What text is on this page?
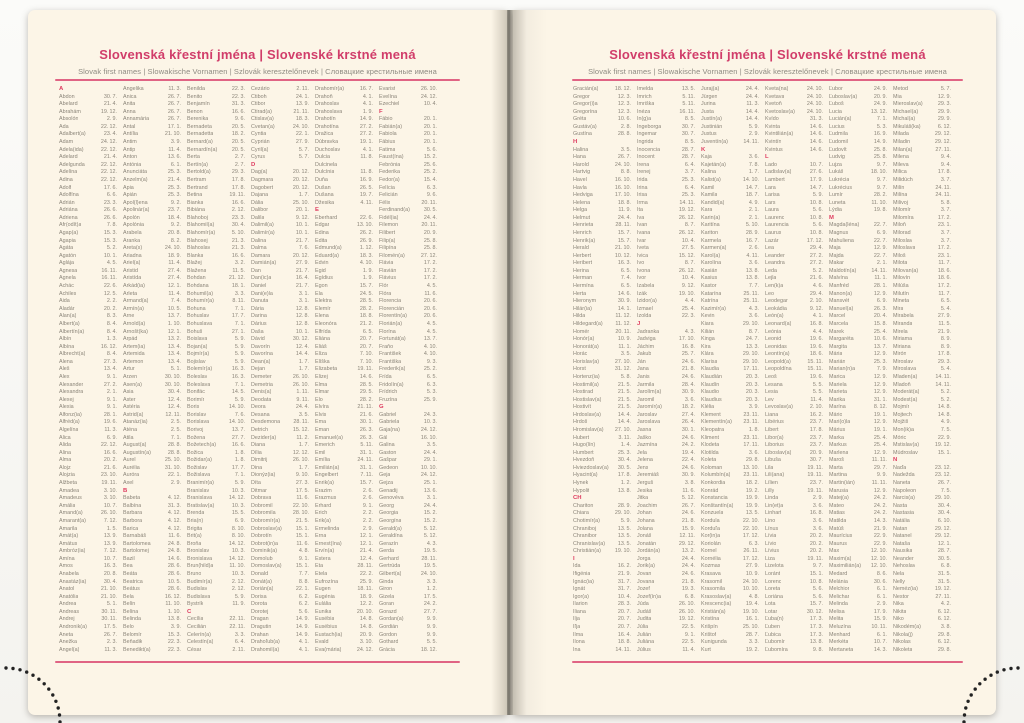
Slovenská křestní jména | Slovenské krstné mená
Slovak first names | Slowakische Vornamen | Szlovák keresztelőnevek | Словацкие крестильные имена
A
Abdon	30. 7.
Abelard	21. 4.
Abrahám	19. 12.
Absolón	2. 9.
Ada	22. 12.
Adalbert(a)	23. 4.
Adam	24. 12.
Adela(ida)	22. 12.
Adelard	21. 4.
Adelgunda	22. 12.
Adelína	22. 12.
Adina	22. 12.
Adolf	17. 6.
Adolfína	6. 6.
Adrián	23. 3.
Adriána	26. 6.
Adriena	26. 6.
Afr(odít)a	7. 8.
Agap(a)	15. 3.
Agapia	15. 3.
Agáta	5. 2.
Agatón	10. 1.
Aglája	4. 5.
Agnesa	16. 11.
Agnela	16. 11.
Achác	22. 6.
Achiles	12. 5.
Aida	2. 2.
Aladár	20. 2.
Alan(a)	8. 3.
Albert(a)	8. 4.
Albertín(a)	8. 4.
Albín	1. 3.
Albína	16. 12.
Albrecht(a)	8. 4.
Alena	27. 3.
Aleš	13. 4.
Alex	9. 1.
Alexander	27. 2.
Alexandra	2. 1.
Alexej	9. 1.
Alexia	9. 1.
Alfonz(ia)	28. 1.
Alfréd(a)	19. 6.
Algelína	11. 3.
Alica	6. 9.
Alida	22. 12.
Alina	16. 6.
Alma	20. 2.
Alojz	21. 6.
Alojzia	23. 10.
Alžbeta	19. 11.
Amadea	3. 10.
Amadeus	3. 10.
Amália	10. 7.
Amand(a)	26. 10.
Amarant(a)	7. 12.
Amarila	1. 5.
Amát(a)	13. 9.
Amátus	13. 9.
Ambróz(ia)	7. 12.
Amína	10. 7.
Amos	16. 3.
Anabela	20. 8.
Anastáz(ia)	30. 4.
Anatol	21. 10.
Anatólia	21. 10.
Andrea	5. 1.
Andreas	30. 11.
Andrej	30. 11.
Andronik(a)	17. 5.
Aneta	26. 7.
Anežka	2. 3.
Angel(a)	11. 3.
Angelika	11. 3.
Anica	26. 7.
Anita	26. 7.
Anna	26. 7.
Annamária	26. 7.
Antal	17. 1.
Antília	21. 10.
Antim	3. 9.
Antip	11. 4.
Anton	13. 6.
Antónia	6. 1.
Anunciáta	25. 3.
Anzelm(a)	21. 4.
Apia	25. 3.
Apián	25. 3.
Apol(l)ena	9. 2.
Apolinár(a)	23. 7.
Apolón	18. 4.
Apolónia	9. 2.
Arabela	20. 8.
Aranka	8. 2.
Areta(s)	24. 10.
Ariadna	18. 9.
Ariel(a)	11. 4.
Aristid	27. 4.
Aristída	27. 4.
Arkád(ia)	12. 1.
Arleta	11. 4.
Armand(a)	7. 4.
Armín(a)	10. 5.
Arne	13. 7.
Arnold(a)	1. 10.
Arnošt(ka)	12. 1.
Árpád	13. 2.
Artem(ia)	13. 4.
Artemida	13. 4.
Artemon	13. 4.
Artur	5. 1.
Arzen	30. 10.
Asen(a)	30. 10.
Asia	30. 4.
Aster	12. 4.
Astéria	12. 4.
Astrid(a)	12. 11.
Atanáz(ia)	2. 5.
Aténa	2. 5.
Atila	7. 1.
August(a)	28. 8.
Augustín(a)	28. 8.
Aurel	25. 10.
Aurélia	31. 10.
Auróra	22. 1.
Axel	2. 9.
B
Babeta	4. 12.
Balbína	31. 3.
Barbara	4. 12.
Barbora	4. 12.
Barica	4. 12.
Barnabáš	11. 6.
Bartolomea	24. 8.
Bartolomej	24. 8.
Bazil	14. 6.
Bea	28. 6.
Beáta	28. 6.
Beatrica	10. 5.
Beátus	28. 6.
Bela	16. 12.
Belín	11. 10.
Belína	1. 10.
Belinda	13. 8.
Belo	3. 9.
Belomír	15. 3.
Beňadik	22. 3.
Benedikt(a)	22. 3.
Benilda	22. 3.
Benito	22. 3.
Benjamín	31. 3.
Benon	16. 6.
Berenika	9. 6.
Bernadeta	20. 5.
Bernadetta	18. 2.
Bernard(a)	20. 5.
Bernardín(a)	20. 5.
Berta	2. 7.
Bertín(a)	2. 7.
Bertold(a)	29. 3.
Bertram	17. 8.
Bertrand	17. 8.
Betina	19. 11.
Bianka	16. 6.
Bibiána	2. 12.
Blahoboj	23. 3.
Blahomil(a)	30. 4.
Blahomír(a)	5. 10.
Blahosej	21. 3.
Blahoslav	21. 3.
Blanka	16. 6.
Blažej	3. 2.
Blažena	11. 5.
Bohdan	21. 12.
Bohdana	18. 1.
Bohumil(a)	3. 3.
Bohumír(a)	8. 11.
Bohuna	7. 1.
Bohuslav	17. 7.
Bohuslava	7. 1.
Bohuš	27. 1.
Boislava	5. 9.
Bojan(a)	5. 9.
Bojmír(a)	5. 9.
Bojislav	5. 9.
Bolemír(a)	16. 3.
Boleslav	16. 3.
Boleslava	7. 1.
Bonifác	14. 5.
Borimír	5. 9.
Boris	14. 10.
Borislav	7. 6.
Borislava	14. 10.
Borivoj	13. 7.
Božena	27. 7.
Božetech(a)	16. 6.
Božica	1. 8.
Božidar(a)	1. 8.
Božislav	17. 7.
Božislava	7. 1.
Branimír(a)	5. 9.
Branislav	10. 3.
Branislava	14. 12.
Bratislav(a)	10. 3.
Brenda	15. 5.
Bria(n)	6. 9.
Brigita	8. 10.
Brit(a)	8. 10.
Broňa	14. 12.
Bronislav	10. 3.
Bronislava	14. 12.
Brun(hild)a	11. 10.
Bruno	10. 3.
Budimír(a)	2. 12.
Budislav	2. 12.
Budislava	5. 9.
Bystrík	11. 9.
C
Cecília	22. 11.
Cecilián	22. 11.
Celerín(a)	3. 3.
Celestín(a)	6. 4.
César	2. 11.
Cezário	2. 11.
Ctiboh	24. 1.
Ctibor	13. 9.
Ctirad(a)	21. 11.
Ctislav(a)	18. 3.
Cvetan(a)	24. 10.
Cyntia	22. 1.
Cyprián	27. 9.
Cyril(a)	5. 7.
Cyrus	5. 7.
D
Dag(a)	20. 12.
Dagmara	20. 12.
Dagobert	20. 12.
Dajana	1. 7.
Dália	25. 10.
Dalibor	20. 1.
Dalila	9. 12.
Dalimil(a)	10. 1.
Dalimír(a)	10. 1.
Dalina	21. 7.
Dalma	7. 6.
Damara	20. 12.
Damián(a)	27. 9.
Dan	21. 7.
Dan(ic)a	16. 4.
Daniel	21. 7.
Dani(e)la	3. 1.
Danuta	3. 1.
Dária	12. 8.
Darina	12. 8.
Dárius	12. 8.
Daša	10. 1.
Dávid	30. 12.
Davorín	12. 4.
Davorína	14. 4.
Dean(a)	1. 7.
Dejan	1. 7.
Demeter	26. 10.
Demetria	26. 10.
Denis(a)	1. 11.
Deodata	9. 11.
Deora	24. 4.
Desana	3. 5.
Desdemona 28. 11.
Detrich	15. 12.
Dezider(a)	11. 2.
Diana	1. 7.
Dília	12. 12.
Dimitrij	26. 10.
Dina	1. 7.
Dionýz(ia)	9. 10.
Díta	27. 3.
Ditmar	17. 5.
Dobrava	11. 6.
Dobromil	22. 10.
Dobromila	28. 10.
Dobromír(a)	21. 5.
Dobroslav(a)	15. 1.
Dobrotín	15. 1.
Dobrot(in)a	11. 6.
Dominik(a)	4. 8.
Domolub	9. 1.
Domoslav(a)	15. 1.
Donald	7. 7.
Donát(a)	8. 8.
Dorián(a)	22. 1.
Dorisa	6. 2.
Dorota	6. 2.
Dorotej	5. 6.
Dragan	14. 9.
Dragutin	14. 9.
Drahan	14. 9.
Drahoľub(a)	4. 1.
Drahomil(a)	4. 1.
Drahomír(a)	16. 7.
Drahoň	4. 1.
Drahoslav	4. 1.
Drahoslava	1. 9.
Drahotín	14. 9.
Drahotína	27. 2.
Dražica	27. 2.
Dúbravka	19. 1.
Duchoslav	4. 1.
Dulcia	11. 8.
Dulcinela
Dulcínia	11. 8.
Duňa	16. 9.
Dušan	26. 5.
Dušana	19. 7.
Džesika	4. 11.
E
Eberhard	22. 6.
Edgar	13. 10.
Edina	26. 2.
Edita	26. 9.
Edmund(a)	1. 12.
Eduard(a)	18. 3.
Edvin	4. 10.
Egid	1. 9.
Egídius	1. 9.
Egon	15. 7.
Ela	24. 5.
Elektra	28. 5.
Elemír	28. 2.
Elena	18. 8.
Eleonóra	21. 2.
Elfrída	6. 5.
Eliána	20. 7.
Eliáš	20. 7.
Elíza	7. 10.
Elíška	7. 10.
Elizabeta	19. 11.
Elizej	14. 6.
Elma	28. 5.
Elmar	29. 5.
Elo	28. 2.
Elvíra	21. 11.
Elvis	21. 6.
Ema	30. 1.
Eman	26. 3.
Emanuel(a)	26. 3.
Emerich	5. 11.
Emil	31. 1.
Emília	24. 11.
Emilián(a)	31. 1.
Engelbert	7. 11.
Enrik(a)	15. 7.
Erazim	2. 6.
Erazmus	2. 6.
Erhard	9. 1.
Erich	2. 2.
Erik(a)	2. 2.
Ermelinda	2. 9.
Erna	12. 1.
Ernest(ína)	12. 1.
Ervín(a)	21. 4.
Estera	12. 4.
Eta	28. 11.
Etela	22. 2.
Eufrozína	25. 9.
Eugen	18. 11.
Eugénia	18. 9.
Eulália	12. 2.
Eunika	20. 10.
Eusébia	14. 8.
Eusébius	14. 8.
Eustach(ia)	20. 9.
Evald	3. 10.
Eva(mária)	24. 12.
Evarist	26. 10.
Evelína	24. 12.
Ezechiel	10. 4.
F
Fábio	20. 1.
Fabián(a)	20. 1.
Fabiola	20. 1.
Fábius	20. 1.
Fatima	5. 6.
Faust(ína)	15. 2.
Febrónia	25. 6.
Federika	25. 2.
Fedor(a)	15. 4.
Felícia	6. 3.
Felicián	9. 6.
Félix	20. 11.
Ferdinand(a)	30. 5.
Fidél(ia)	24. 4.
Filemon	20. 11.
Filibert	20. 9.
Filip(a)	25. 8.
Filipína	25. 8.
Filomén(a)	27. 12.
Flávia	17. 2.
Flavián	17. 2.
Flávius	17. 2.
Flór	4. 5.
Flóra	11. 6.
Florencia	20. 6.
Florencián	20. 6.
Florentín(a)	20. 6.
Florián(a)	4. 5.
Florína	4. 5.
Fortunát(a)	13. 7.
Fraňo	4. 10.
František	4. 10.
Františka	9. 3.
Frederik(a)	25. 2.
Frída	6. 5.
Fridolín(a)	6. 3.
Frídrich	5. 3.
Fruzína	25. 9.
G
Gabriel	24. 3.
Gabriela	10. 3.
Gaja(na)	24. 12.
Gál	16. 10.
Galina	3. 5.
Gaston	24. 4.
Gašpar	29. 1.
Gedeon	10. 10.
Geja	24. 12.
Gejza	25. 1.
Genadij	13. 6.
Genovéva	3. 1.
Georg	24. 4.
Georgia	15. 2.
Georgína	15. 2.
Gerald(a)	5. 12.
Geraldína	5. 12.
Gerazín	4. 3.
Gerda	19. 5.
Gerhard	28. 11.
Gertrúda	19. 5.
Gilbert(a)	24. 10.
Ginda	3. 3.
Giron	1. 2.
Gizela	17. 5.
Goran	24. 2.
Gorazd	27. 7.
Gordan(a)	9. 9.
Gordián	9. 9.
Gordon	9. 9.
Gothard	5. 5.
Grácia	18. 12.
Slovenská křestní jména | Slovenské krstné mená
Slovak first names | Slowakische Vornamen | Szlovák keresztelőnevek | Словацкие крестильные имена
Gracián(a)	18. 12.
Gregor	12. 3.
Gregor(i)a	12. 3.
Gregorína	12. 3.
Gréta	10. 6.
Gustáv(a)	2. 8.
Gustína	28. 8.
H
Halina	3. 5.
Hana	26. 7.
Harold	24. 10.
Hartvig	8. 8.
Havel	16. 10.
Havla	16. 10.
Hedviga	17. 10.
Helena	18. 8.
Helga	11. 9.
Helmut	24. 4.
Henrieta	28. 11.
Henrich	15. 7.
Henrik(a)	15. 7.
Herald	21. 10.
Herbert	10. 12.
Heribert	16. 3.
Herina	6. 5.
Herman	7. 4.
Hermína	6. 5.
Herta	14. 6.
Hieronym	30. 9.
Hilár(ia)	14. 1.
Hilda	11. 12.
Hildegard(a) 11. 12.
Homér	20. 11.
Honór(a)	10. 9.
Honorát(a)	11. 1.
Horác	3. 5.
Horislav(a)	27. 10.
Horst	31. 12.
Hortenz(ia)	5. 8.
Hostimil(a)	21. 5.
Hostirad	21. 5.
Hostislav(a)	21. 5.
Hostivít	21. 5.
Hrdoslav(a)	14. 4.
Hrdoš	14. 4.
Hromislav(a) 27. 10.
Hubert	3. 11.
Hugo(lín)	1. 4.
Humbert	25. 3.
Hvezdoň	30. 4.
Hviezdoslav(a) 30. 5.
Hyacint(a)	17. 8.
Hynek	1. 2.
Hypolit	13. 8.
CH
Chariton	28. 9.
Chiara	29. 10.
Chotimír(a)	5. 9.
Chraniboj	13. 5.
Chranibor	13. 5.
Chranislav(a) 13. 5.
Christián(a)	19. 10.
I
Ida	16. 2.
Ifigénia	21. 9.
Ignác(ia)	31. 7.
Ignát	31. 7.
Igor(a)	10. 4.
Ilarion	28. 3.
Iliana	20. 7.
Ilja	20. 7.
Iľja	20. 7.
Ilma	16. 4.
Ilona	18. 8.
Ina	14. 11.
Imelda	13. 5.
Imrich	5. 11.
Imriška	5. 11.
Inéza	16. 11.
In(g)a	8. 5.
Ingeborga	30. 7.
Ingemar	30. 7.
Ingrida	8. 5.
Inocencia	28. 7.
Inocent	28. 7.
Irena	6. 4.
Irenej	3. 7.
Irida	25. 3.
Irina	6. 4.
Irisa	25. 3.
Irma	14. 11.
Ita	19. 12.
Iva	26. 12.
Ivan	8. 7.
Ivana	26. 12.
Ivar	10. 4.
Iveta	27. 5.
Ivica	15. 12.
Ivo	8. 7.
Ivona	26. 12.
Ivor	10. 4.
Izabela	9. 12.
Izák	19. 10.
Izidor(a)	4. 4.
Izmael	25. 4.
Izolda	22. 3.
J
Jadranka	4. 3.
Jadviga	17. 10.
Jáchim	16. 8.
Jakub	25. 7.
Ján	24. 6.
Jana	21. 8.
Janis	24. 6.
Jarmila	28. 4.
Jarolím(a)	30. 9.
Jaromil	3. 6.
Jaromír(a)	18. 2.
Jaroslav	27. 4.
Jaroslava	26. 4.
Jasna	30. 1.
Jaško	24. 6.
Jazmína	24. 2.
Jela	19. 4.
Jelena	22. 4.
Jens	24. 6.
Jeremiáš	30. 9.
Jerguš	3. 8.
Jesika	11. 6.
Jitka	5. 12.
Joachim	26. 7.
Johan	24. 6.
Johana	21. 8.
Jolana	15. 9.
Jonáš	12. 11.
Jonatán	29. 12.
Jordán(a)	13. 2.
Jorga	24. 4.
Jorik(a)	24. 4.
Jovan	24. 6.
Jovana	21. 8.
Jozef	19. 3.
Jozef(ín)a	6. 8.
Júda	26. 10.
Judáš	26. 10.
Judita	19. 12.
Júlia	22. 5.
Julián	9. 1.
Juliána	22. 5.
Július	11. 4.
Juraj(a)	24. 4.
Jürgen	24. 4.
Jurina	11. 3.
Justa	14. 4.
Justín(a)	14. 4.
Justinián	5. 9.
Justus	2. 9.
Juventín(a)	14. 11.
K
Kaja	3. 6.
Kajetán(a)	7. 8.
Kalina	1. 7.
Kalist(a)	14. 10.
Kamil	14. 7.
Kamila	18. 7.
Kandid(a)	4. 9.
Kara	2. 1.
Karin(a)	2. 1.
Karitína	5. 10.
Kariton	28. 9.
Karmela	16. 7.
Karmen(a)	2. 6.
Karol(a)	4. 11.
Karolína	3. 6.
Kasián	13. 8.
Kasius	13. 8.
Kastor	7. 7.
Katarína	25. 11.
Katrína	25. 11.
Kazimír(a)	4. 3.
Kevin	3. 6.
Kiara	29. 10.
Kilián	8. 7.
Kinga	24. 7.
Kira	13. 3.
Klára	29. 10.
Klarisa	29. 10.
Klaudia	17. 11.
Klaudián	20. 3.
Klaudín	20. 3.
Klaudio	20. 3.
Klaudius	20. 3.
Klélia	3. 9.
Klement	23. 11.
Klementín(a) 23. 11.
Kleopatra	1. 8.
Kliment	23. 11.
Klodeta	17. 11.
Klotilda	3. 6.
Koleta	29. 8.
Koloman	13. 10.
Kolumbín(a) 23. 11.
Konkordia	18. 2.
Konrád	19. 2.
Konstancia	19. 9.
Konštantín(a) 19. 9.
Konzuela	13. 5.
Kordula	22. 10.
Korduľa	22. 10.
Kor(in)a	17. 12.
Koriolán	6. 3.
Kornel	26. 11.
Kornélia	17. 12.
Kozmas	27. 9.
Krasava	10. 9.
Krasomil	24. 10.
Krasomila	10. 10.
Krasoslav(a)	4. 8.
Krescenc(ia)	19. 4.
Kristián(a)	19. 10.
Kristína	16. 1.
Krišpín	25. 10.
Krištof	28. 7.
Kunigunda	3. 3.
Kurt	19. 2.
Kveta(na)	24. 10.
Kvetava	24. 10.
Kvetoň	24. 10.
Kvetoslav(a) 24. 10.
Kvído	31. 3.
Kvinta	14. 6.
Kvintilián(a)	14. 6.
Kvintín	14. 6.
Kvintus	14. 6.
L
Lado	10. 7.
Ladislav(a)	27. 6.
Lambert	17. 9.
Lara	14. 7.
Larisa	5. 9.
Lars	10. 8.
Laura	5. 6.
Laurenc	10. 8.
Laurencia	5. 6.
Laurus	10. 8.
Lazár	17. 12.
Lea	29. 4.
Leander	27. 2.
Leandra	27. 2.
Leda	5. 2.
Lejla	21. 6.
Len(k)a	4. 6.
Leo	29. 4.
Leodegar	2. 10.
Leokádia	9. 12.
León(a)	4. 1.
Leonard(a)	16. 8.
Leónia	4. 4.
Leonid	19. 6.
Leonidas	19. 6.
Leontín(a)	18. 6.
Leopold(a)	15. 11.
Leopoldína	15. 11.
Leoš	19. 6.
Lesana	5. 5.
Lesia	5. 5.
Lev	11. 4.
Levoslav(a)	2. 10.
Liana	16. 2.
Libérius	23. 7.
Libert	17. 8.
Libor(a)	23. 7.
Liborius	23. 7.
Liboslav(a)	20. 9.
Libuša	30. 7.
Lila	19. 11.
Lili(ana)	19. 11.
Lílien	23. 7.
Lilly	19. 11.
Linda	2. 9.
Lin(et)a	3. 6.
Linhart	16. 8.
Lino	3. 6.
Línus	3. 6.
Lívia	20. 2.
Lívio	20. 2.
Lívius	20. 2.
Liza	19. 11.
Lizelota	9. 7.
Loránt	15. 1.
Lorenc	10. 8.
Loreta	5. 6.
Loriána	5. 6.
Lota	15. 7.
Lotar	30. 12.
Ľuba(n)	17. 3.
Ľuben	17. 3.
Ľubica	17. 3.
Ľubomír	13. 8.
Ľubomíra	9. 8.
Ľubor	24. 9.
Ľuboslav(a)	20. 9.
Ľuboš	24. 9.
Lucia	13. 12.
Lucián(a)	7. 1.
Lucius	5. 3.
Ľudmila	16. 9.
Ľudomil	14. 9.
Ľudovít	25. 8.
Ludvig	25. 8.
Lujza	9. 7.
Lukáš	18. 10.
Lukrécia	9. 7.
Lukrécius	9. 7.
Lumír	28. 2.
Luneta	11. 10.
Lýdia	19. 8.
M
Magda(léna)	22. 7.
Magnus	6. 9.
Mahuliena	22. 7.
Maja	12. 9.
Majda	22. 7.
Makar	2. 1.
Maldotín(a)	14. 11.
Malvína	11. 1.
Manfréd	28. 1.
Manon(a)	12. 9.
Mansvét	6. 9.
Manuel(a)	26. 3.
Marcel	20. 4.
Marcela	15. 8.
Marek	25. 4.
Margaréta	10. 6.
Margita	13. 7.
Mária	12. 9.
Marián	25. 3.
Marian(n)a	7. 9.
Marica	12. 9.
Mariela	12. 9.
Marieta	12. 9.
Marika	31. 1.
Marína	8. 12.
Mário	19. 1.
Mari(o)la	12. 9.
Márius	19. 1.
Marka	25. 4.
Markus	25. 4.
Marlena	12. 9.
Maroš	11. 11.
Marta	29. 7.
Martina	9. 9.
Martin(ián)	11. 11.
Marusia	12. 9.
Matej(a)	24. 2.
Mateo	24. 2.
Matias	24. 2.
Matilda	14. 3.
Matúš	21. 9.
Maurícius	22. 9.
Maurus	22. 9.
Max	12. 10.
Maxim(a)	12. 10.
Maximilián(a) 12. 10.
Medard	8. 6.
Melánia	30. 6.
Melchior	6. 1.
Melichar	6. 1.
Melinda	2. 9.
Melisa	17. 9.
Melita	15. 9.
Meluzína	10. 11.
Menhard	6. 1.
Merkéta	10. 7.
Mertaneta	14. 3.
Metod	5. 7.
Mia	12. 9.
Mieroslav(a)	29. 3.
Michael(a)	29. 9.
Michal(a)	29. 9.
Mikuláš(ka)	6. 12.
Milada	29. 12.
Miladin	29. 12.
Milan(a)	27. 11.
Milena	9. 4.
Mileva	9. 4.
Milica	17. 8.
Milidúch	3. 7.
Milín	24. 11.
Milína	24. 11.
Milivoj	5. 8.
Milomír	3. 7.
Milomíra	17. 2.
Miloň	23. 1.
Milorad	3. 7.
Miloslav	3. 7.
Miloslava	17. 2.
Miloš	23. 1.
Milota	11. 7.
Milovan(a)	18. 6.
Milovín	18. 6.
Milúša	17. 2.
Milutín	11. 7.
Mineta	6. 5.
Mira	5. 4.
Mirabela	27. 9.
Miranda	11. 5.
Mirela	21. 9.
Miriama	8. 9.
Miriana	8. 9.
Mirón	17. 8.
Miroslav	29. 3.
Miroslava	5. 4.
Mladen(a)	14. 11.
Mladoň	14. 11.
Moderát(a)	5. 2.
Modest(a)	5. 2.
Mojmír	14. 8.
Mojtech	14. 8.
Mojžiš	4. 9.
Mon(ik)a	7. 5.
Móric	22. 9.
Mstislav(a)	19. 12.
Múdroslav	15. 1.
N
Naďa	23. 12.
Nadežda	23. 12.
Naneta	26. 7.
Napoleon	7. 5.
Narcis(a)	29. 10.
Nasta	30. 4.
Nastasia	30. 4.
Natália	6. 10.
Natan	29. 12.
Natanel	29. 12.
Nataša	12. 1.
Nausika	28. 7.
Neander	30. 5.
Nehoslav	6. 8.
Nela	31. 5.
Nelly	31. 5.
Neméz(ia)	19. 12.
Nestor	27. 11.
Nika	4. 2.
Nikita	6. 12.
Niko	6. 12.
Nikodém(a)	3. 8.
Nikola(j)	29. 8.
Nikolas	6. 12.
Nikoleta	29. 8.
